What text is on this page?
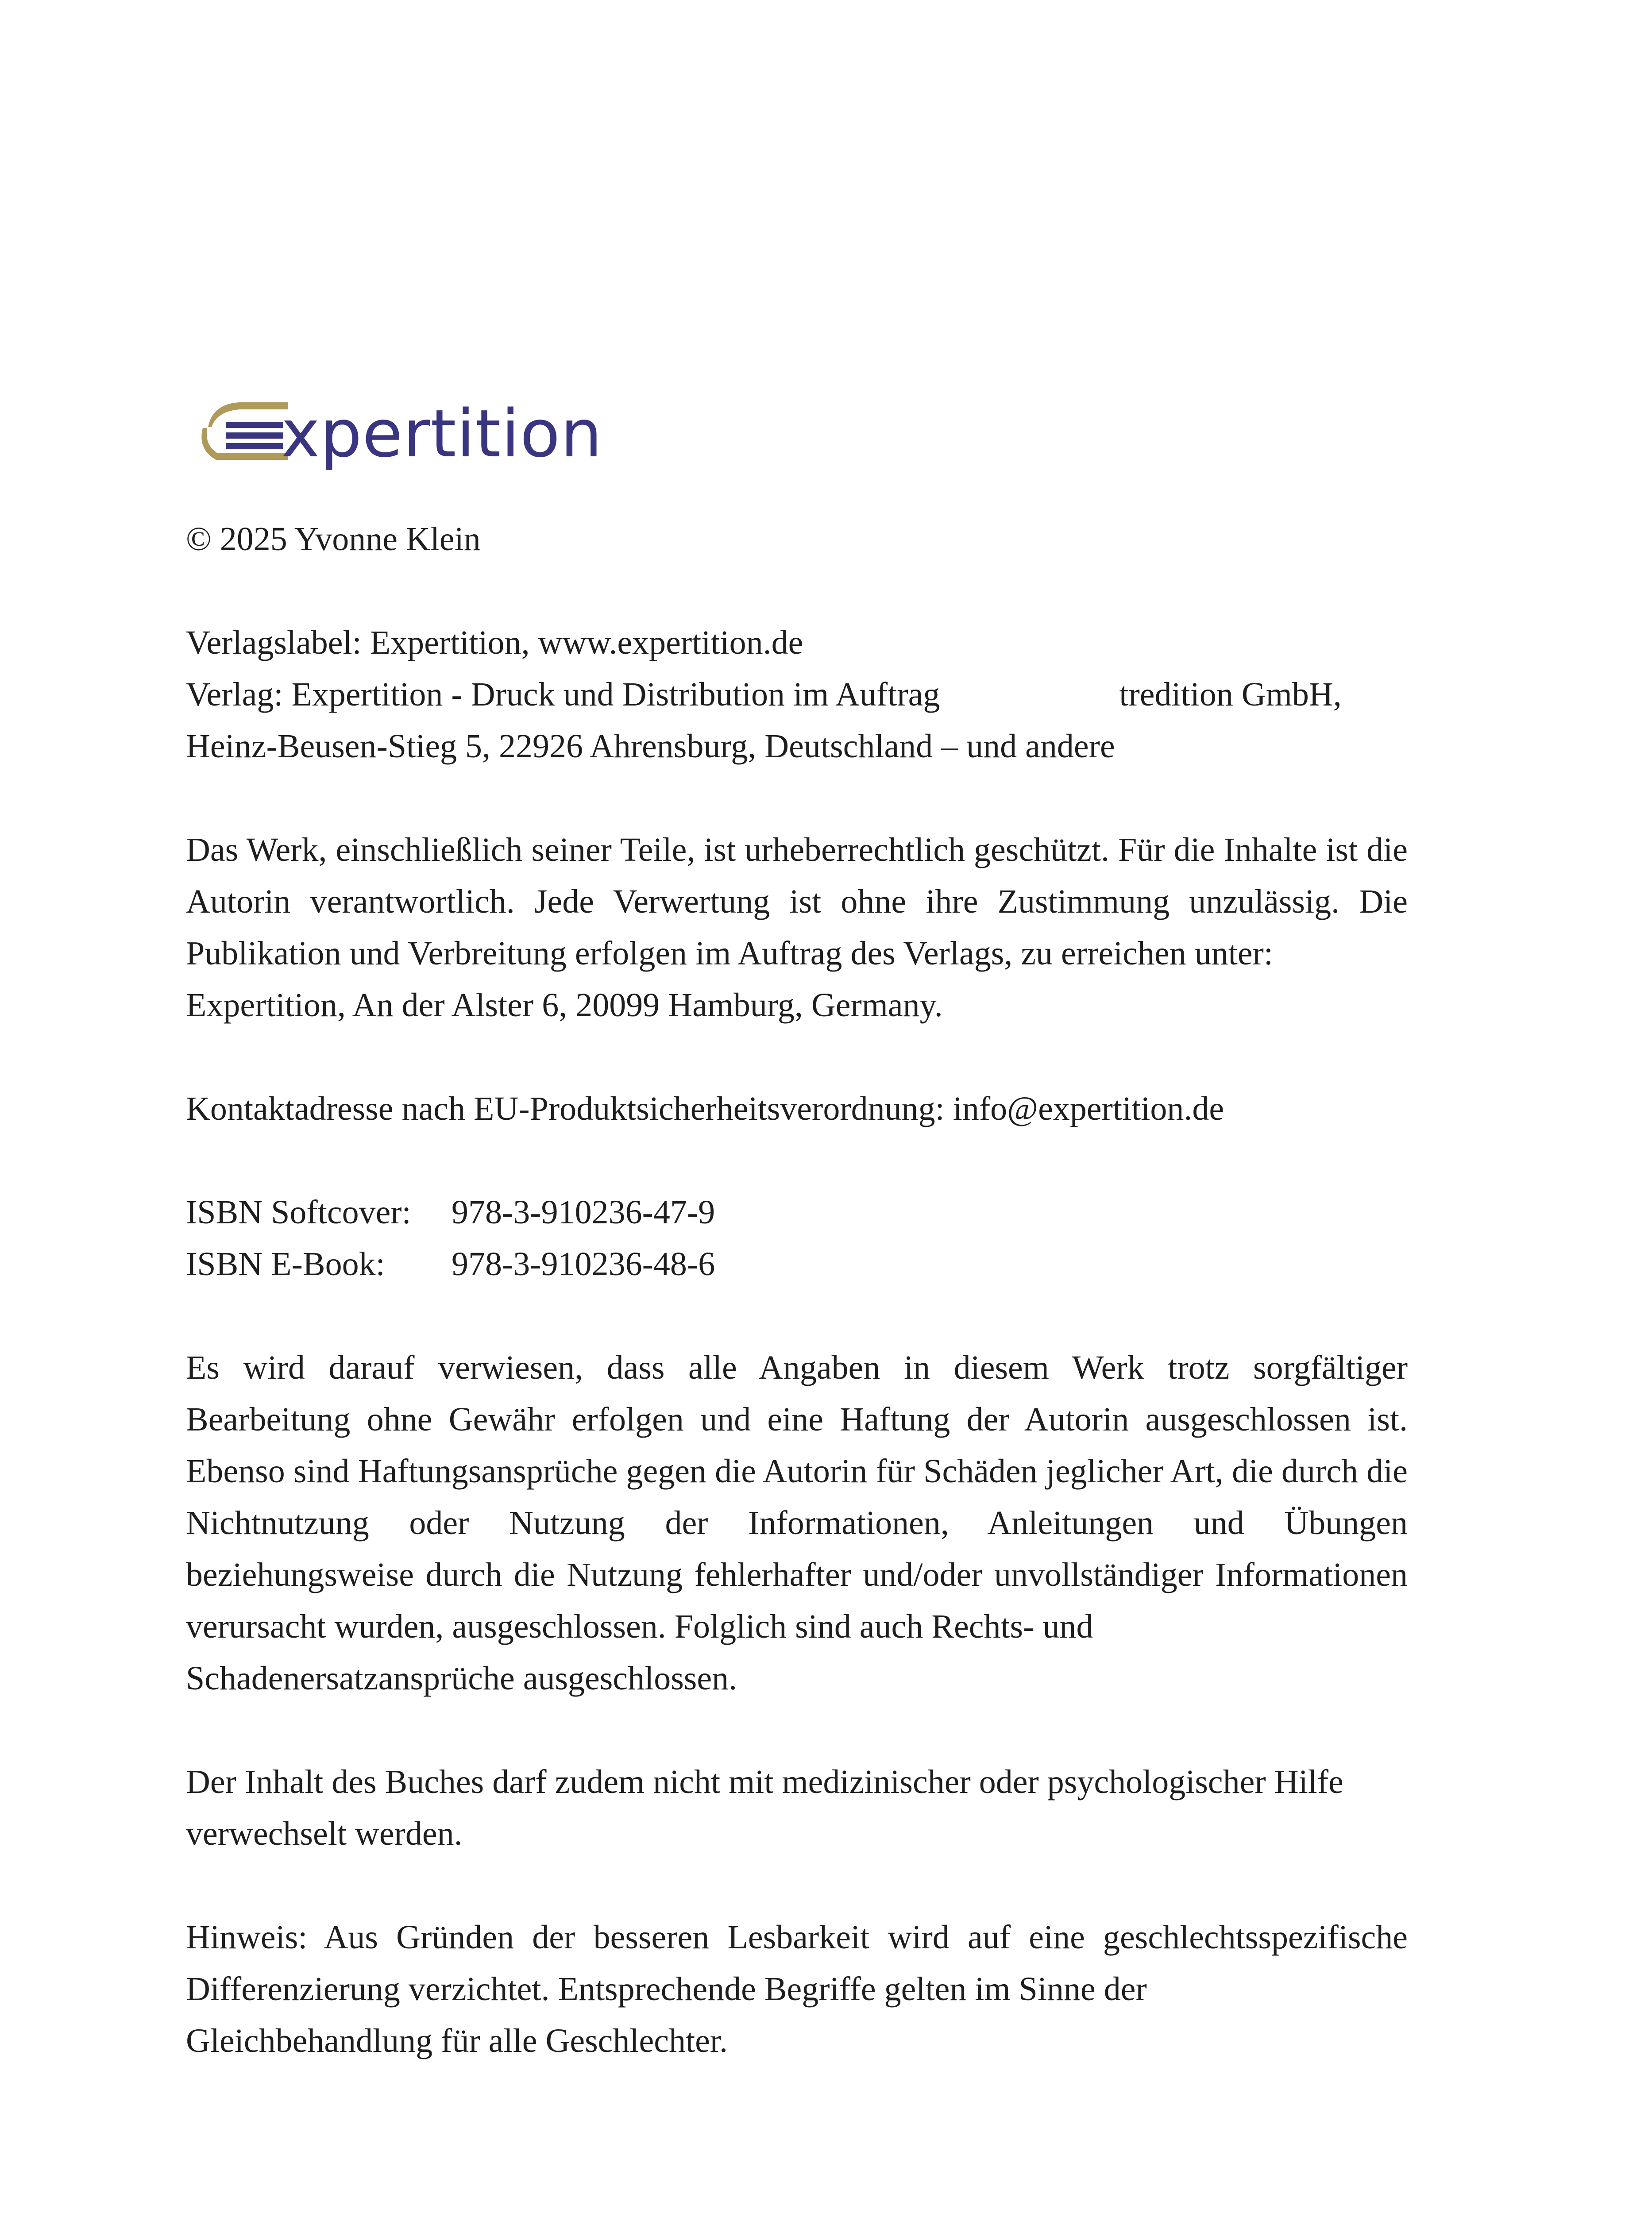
xpertition

© 2025 Yvonne Klein

Verlagslabel: Expertition, www.expertition.de
Verlag: Expertition - Druck und Distribution im Auftrag	tredition GmbH,
Heinz-Beusen-Stieg 5, 22926 Ahrensburg, Deutschland – und andere

Das Werk, einschließlich seiner Teile, ist urheberrechtlich geschützt. Für die Inhalte ist die Autorin verantwortlich. Jede Verwertung ist ohne ihre Zustimmung unzulässig. Die Publikation und Verbreitung erfolgen im Auftrag des Verlags, zu erreichen unter:
Expertition, An der Alster 6, 20099 Hamburg, Germany.

Kontaktadresse nach EU-Produktsicherheitsverordnung: info@expertition.de

ISBN Softcover: 978-3-910236-47-9
ISBN E-Book: 978-3-910236-48-6

Es wird darauf verwiesen, dass alle Angaben in diesem Werk trotz sorgfältiger Bearbeitung ohne Gewähr erfolgen und eine Haftung der Autorin ausgeschlossen ist. Ebenso sind Haftungsansprüche gegen die Autorin für Schäden jeglicher Art, die durch die Nichtnutzung oder Nutzung der Informationen, Anleitungen und Übungen beziehungsweise durch die Nutzung fehlerhafter und/oder unvollständiger Informationen verursacht wurden, ausgeschlossen. Folglich sind auch Rechts- und
Schadenersatzansprüche ausgeschlossen.

Der Inhalt des Buches darf zudem nicht mit medizinischer oder psychologischer Hilfe
verwechselt werden.

Hinweis: Aus Gründen der besseren Lesbarkeit wird auf eine geschlechtsspezifische Differenzierung verzichtet. Entsprechende Begriffe gelten im Sinne der
Gleichbehandlung für alle Geschlechter.
